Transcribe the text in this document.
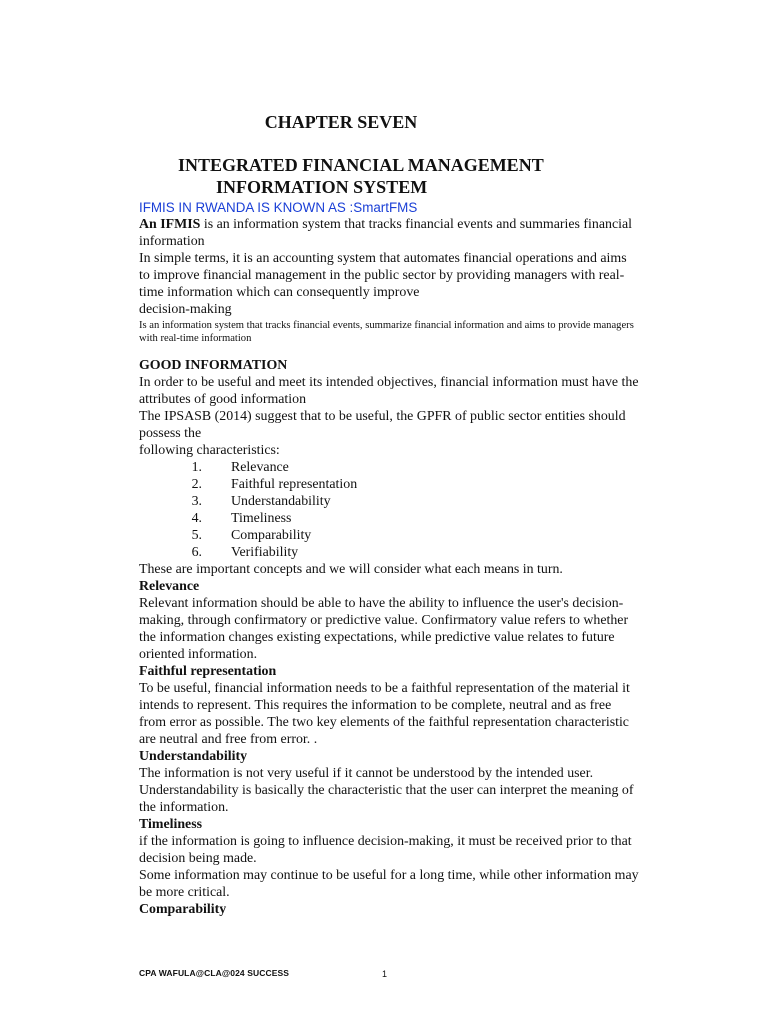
CHAPTER SEVEN
INTEGRATED FINANCIAL MANAGEMENT
INFORMATION SYSTEM

IFMIS IN RWANDA IS KNOWN AS :SmartFMS

An IFMIS is an information system that tracks financial events and summaries financial information

In simple terms, it is an accounting system that automates financial operations and aims to improve financial management in the public sector by providing managers with real-time information which can consequently improve

decision-making

Is an information system that tracks financial events, summarize financial information and aims to provide managers with real-time information

GOOD INFORMATION

In order to be useful and meet its intended objectives, financial information must have the attributes of good information

The IPSASB (2014) suggest that to be useful, the GPFR of public sector entities should possess the

following characteristics:

1.	Relevance
2.	Faithful representation
3.	Understandability
4.	Timeliness
5.	Comparability
6.	Verifiability

These are important concepts and we will consider what each means in turn.

Relevance

Relevant information should be able to have the ability to influence the user's decision-making, through confirmatory or predictive value. Confirmatory value refers to whether the information changes existing expectations, while predictive value relates to future oriented information.

Faithful representation

To be useful, financial information needs to be a faithful representation of the material it intends to represent. This requires the information to be complete, neutral and as free from error as possible. The two key elements of the faithful representation characteristic are neutral and free from error. .

Understandability

The information is not very useful if it cannot be understood by the intended user. Understandability is basically the characteristic that the user can interpret the meaning of the information.

Timeliness

if the information is going to influence decision-making, it must be received prior to that decision being made.

Some information may continue to be useful for a long time, while other information may be more critical.

Comparability

CPA WAFULA@CLA@024 SUCCESS	1
